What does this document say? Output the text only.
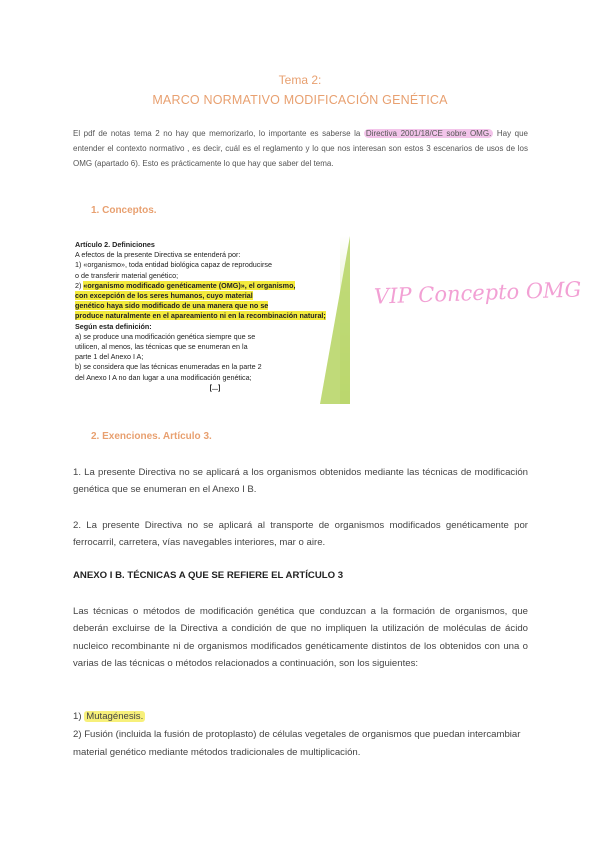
Tema 2:
MARCO NORMATIVO MODIFICACIÓN GENÉTICA
El pdf de notas tema 2 no hay que memorizarlo, lo importante es saberse la Directiva 2001/18/CE sobre OMG. Hay que entender el contexto normativo , es decir, cuál es el reglamento y lo que nos interesan son estos 3 escenarios de usos de los OMG (apartado 6). Esto es prácticamente lo que hay que saber del tema.
1. Conceptos.
Artículo 2. Definiciones
A efectos de la presente Directiva se entenderá por:
1) «organismo», toda entidad biológica capaz de reproducirse
o de transferir material genético;
2) «organismo modificado genéticamente (OMG)», el organismo,
con excepción de los seres humanos, cuyo material
genético haya sido modificado de una manera que no se
produce naturalmente en el apareamiento ni en la recombinación natural;
Según esta definición:
a) se produce una modificación genética siempre que se
utilicen, al menos, las técnicas que se enumeran en la
parte 1 del Anexo I A;
b) se considera que las técnicas enumeradas en la parte 2
del Anexo I A no dan lugar a una modificación genética;
[...]
VIP Concepto OMG
2. Exenciones. Artículo 3.
1. La presente Directiva no se aplicará a los organismos obtenidos mediante las técnicas de modificación genética que se enumeran en el Anexo I B.
2. La presente Directiva no se aplicará al transporte de organismos modificados genéticamente por ferrocarril, carretera, vías navegables interiores, mar o aire.
ANEXO I B. TÉCNICAS A QUE SE REFIERE EL ARTÍCULO 3
Las técnicas o métodos de modificación genética que conduzcan a la formación de organismos, que deberán excluirse de la Directiva a condición de que no impliquen la utilización de moléculas de ácido nucleico recombinante ni de organismos modificados genéticamente distintos de los obtenidos con una o varias de las técnicas o métodos relacionados a continuación, son los siguientes:
1) Mutagénesis.
2) Fusión (incluida la fusión de protoplasto) de células vegetales de organismos que puedan intercambiar material genético mediante métodos tradicionales de multiplicación.
